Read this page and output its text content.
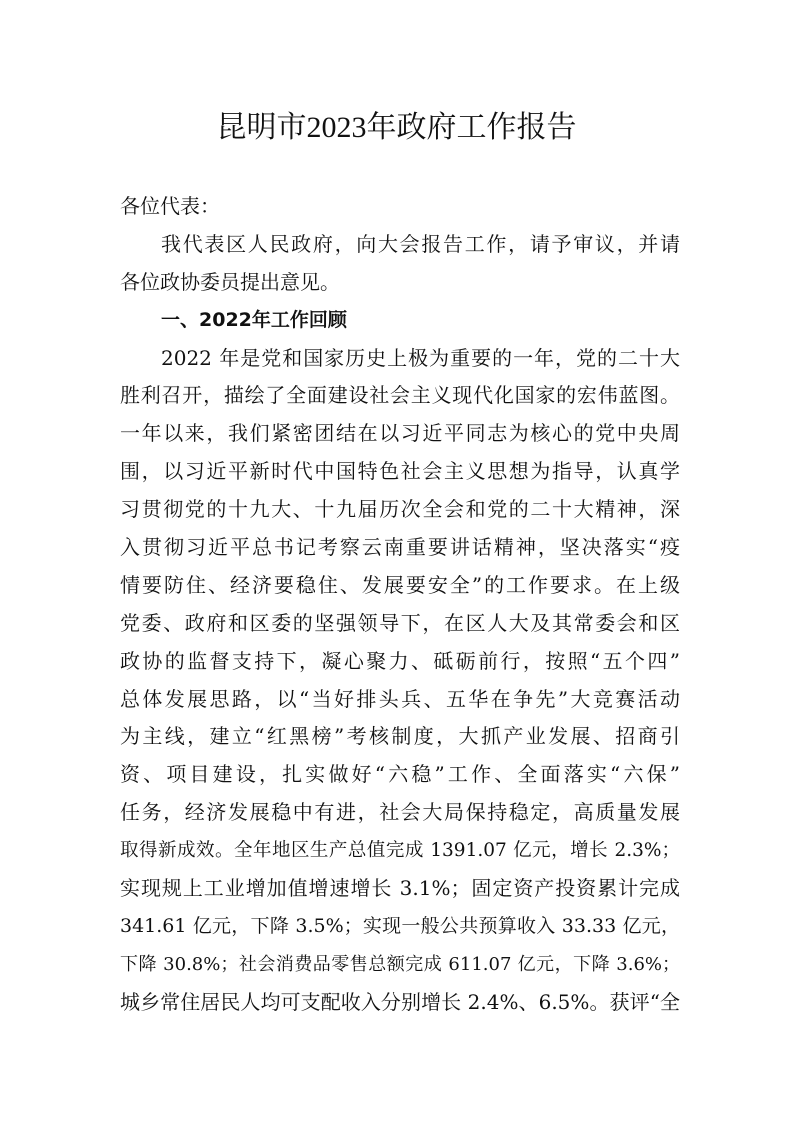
昆明市2023年政府工作报告
各位代表：
我代表区人民政府，向大会报告工作，请予审议，并请
各位政协委员提出意见。
一、2022年工作回顾
2022 年是党和国家历史上极为重要的一年，党的二十大
胜利召开，描绘了全面建设社会主义现代化国家的宏伟蓝图。
一年以来，我们紧密团结在以习近平同志为核心的党中央周
围，以习近平新时代中国特色社会主义思想为指导，认真学
习贯彻党的十九大、十九届历次全会和党的二十大精神，深
入贯彻习近平总书记考察云南重要讲话精神，坚决落实“疫
情要防住、经济要稳住、发展要安全”的工作要求。在上级
党委、政府和区委的坚强领导下，在区人大及其常委会和区
政协的监督支持下，凝心聚力、砥砺前行，按照“五个四”
总体发展思路，以“当好排头兵、五华在争先”大竞赛活动
为主线，建立“红黑榜”考核制度，大抓产业发展、招商引
资、项目建设，扎实做好“六稳”工作、全面落实“六保”
任务，经济发展稳中有进，社会大局保持稳定，高质量发展
取得新成效。全年地区生产总值完成 1391.07 亿元，增长 2.3%；
实现规上工业增加值增速增长 3.1%；固定资产投资累计完成
341.61 亿元，下降 3.5%；实现一般公共预算收入 33.33 亿元，
下降 30.8%；社会消费品零售总额完成 611.07 亿元，下降 3.6%；
城乡常住居民人均可支配收入分别增长 2.4%、6.5%。获评“全
